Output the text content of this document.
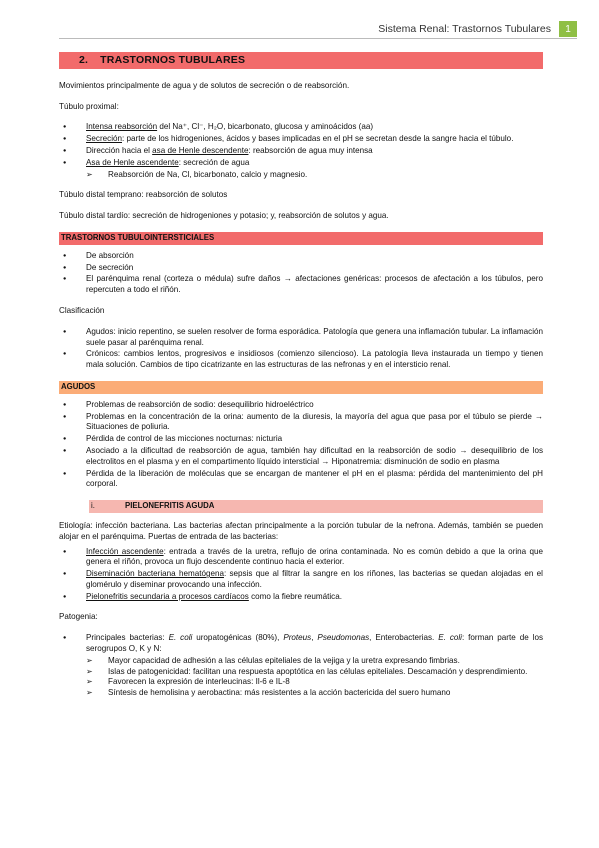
Sistema Renal: Trastornos Tubulares	1
2. TRASTORNOS TUBULARES

Movimientos principalmente de agua y de solutos de secreción o de reabsorción.

Túbulo proximal:

● Intensa reabsorción del Na⁺, Cl⁻, H₂O, bicarbonato, glucosa y aminoácidos (aa)
● Secreción: parte de los hidrogeniones, ácidos y bases implicadas en el pH se secretan desde la sangre hacia el túbulo.
● Dirección hacia el asa de Henle descendente: reabsorción de agua muy intensa
● Asa de Henle ascendente: secreción de agua
➢ Reabsorción de Na, Cl, bicarbonato, calcio y magnesio.

Túbulo distal temprano: reabsorción de solutos

Túbulo distal tardío: secreción de hidrogeniones y potasio; y, reabsorción de solutos y agua.

TRASTORNOS TUBULOINTERSTICIALES
● De absorción
● De secreción
● El parénquima renal (corteza o médula) sufre daños → afectaciones genéricas: procesos de afectación a los túbulos, pero repercuten a todo el riñón.

Clasificación

● Agudos: inicio repentino, se suelen resolver de forma esporádica. Patología que genera una inflamación tubular. La inflamación suele pasar al parénquima renal.
● Crónicos: cambios lentos, progresivos e insidiosos (comienzo silencioso). La patología lleva instaurada un tiempo y tienen mala solución. Cambios de tipo cicatrizante en las estructuras de las nefronas y en el intersticio renal.
AGUDOS
● Problemas de reabsorción de sodio: desequilibrio hidroeléctrico
● Problemas en la concentración de la orina: aumento de la diuresis, la mayoría del agua que pasa por el túbulo se pierde → Situaciones de poliuria.
● Pérdida de control de las micciones nocturnas: nicturia
● Asociado a la dificultad de reabsorción de agua, también hay dificultad en la reabsorción de sodio → desequilibrio de los electrolitos en el plasma y en el compartimento líquido intersticial → Hiponatremia: disminución de sodio en plasma
● Pérdida de la liberación de moléculas que se encargan de mantener el pH en el plasma: pérdida del mantenimiento del pH corporal.
i.	PIELONEFRITIS AGUDA

Etiología: infección bacteriana. Las bacterias afectan principalmente a la porción tubular de la nefrona. Además, también se pueden alojar en el parénquima. Puertas de entrada de las bacterias:

● Infección ascendente: entrada a través de la uretra, reflujo de orina contaminada. No es común debido a que la orina que genera el riñón, provoca un flujo descendente continuo hacia el exterior.
● Diseminación bacteriana hematógena: sepsis que al filtrar la sangre en los riñones, las bacterias se quedan alojadas en el glomérulo y diseminar provocando una infección.
● Pielonefritis secundaria a procesos cardíacos como la fiebre reumática.

Patogenia:

● Principales bacterias: E. coli uropatogénicas (80%), Proteus, Pseudomonas, Enterobacterias. E. coli: forman parte de los serogrupos O, K y N:
➢ Mayor capacidad de adhesión a las células epiteliales de la vejiga y la uretra expresando fimbrias.
➢ Islas de patogenicidad: facilitan una respuesta apoptótica en las células epiteliales. Descamación y desprendimiento.
➢ Favorecen la expresión de interleucinas: Il-6 e IL-8
➢ Síntesis de hemolisina y aerobactina: más resistentes a la acción bactericida del suero humano
